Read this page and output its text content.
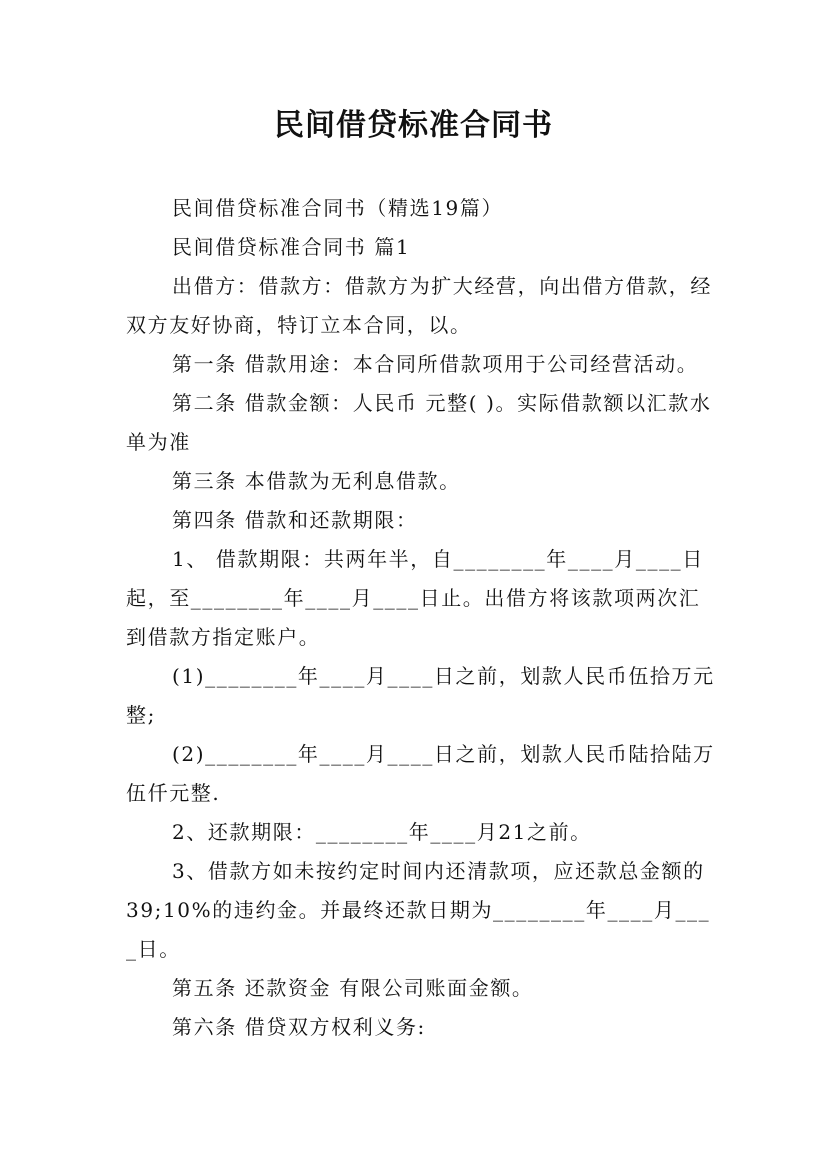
民间借贷标准合同书

民间借贷标准合同书（精选19篇）

民间借贷标准合同书 篇1

出借方：借款方：借款方为扩大经营，向出借方借款，经双方友好协商，特订立本合同，以。

第一条 借款用途：本合同所借款项用于公司经营活动。

第二条 借款金额：人民币 元整( )。实际借款额以汇款水单为准

第三条 本借款为无利息借款。

第四条 借款和还款期限：

1、 借款期限：共两年半，自________年____月____日起，至________年____月____日止。出借方将该款项两次汇到借款方指定账户。

(1)________年____月____日之前，划款人民币伍拾万元整;

(2)________年____月____日之前，划款人民币陆拾陆万伍仟元整.

2、还款期限：________年____月21之前。

3、借款方如未按约定时间内还清款项，应还款总金额的39;10%的违约金。并最终还款日期为________年____月____日。

第五条 还款资金 有限公司账面金额。

第六条 借贷双方权利义务:
